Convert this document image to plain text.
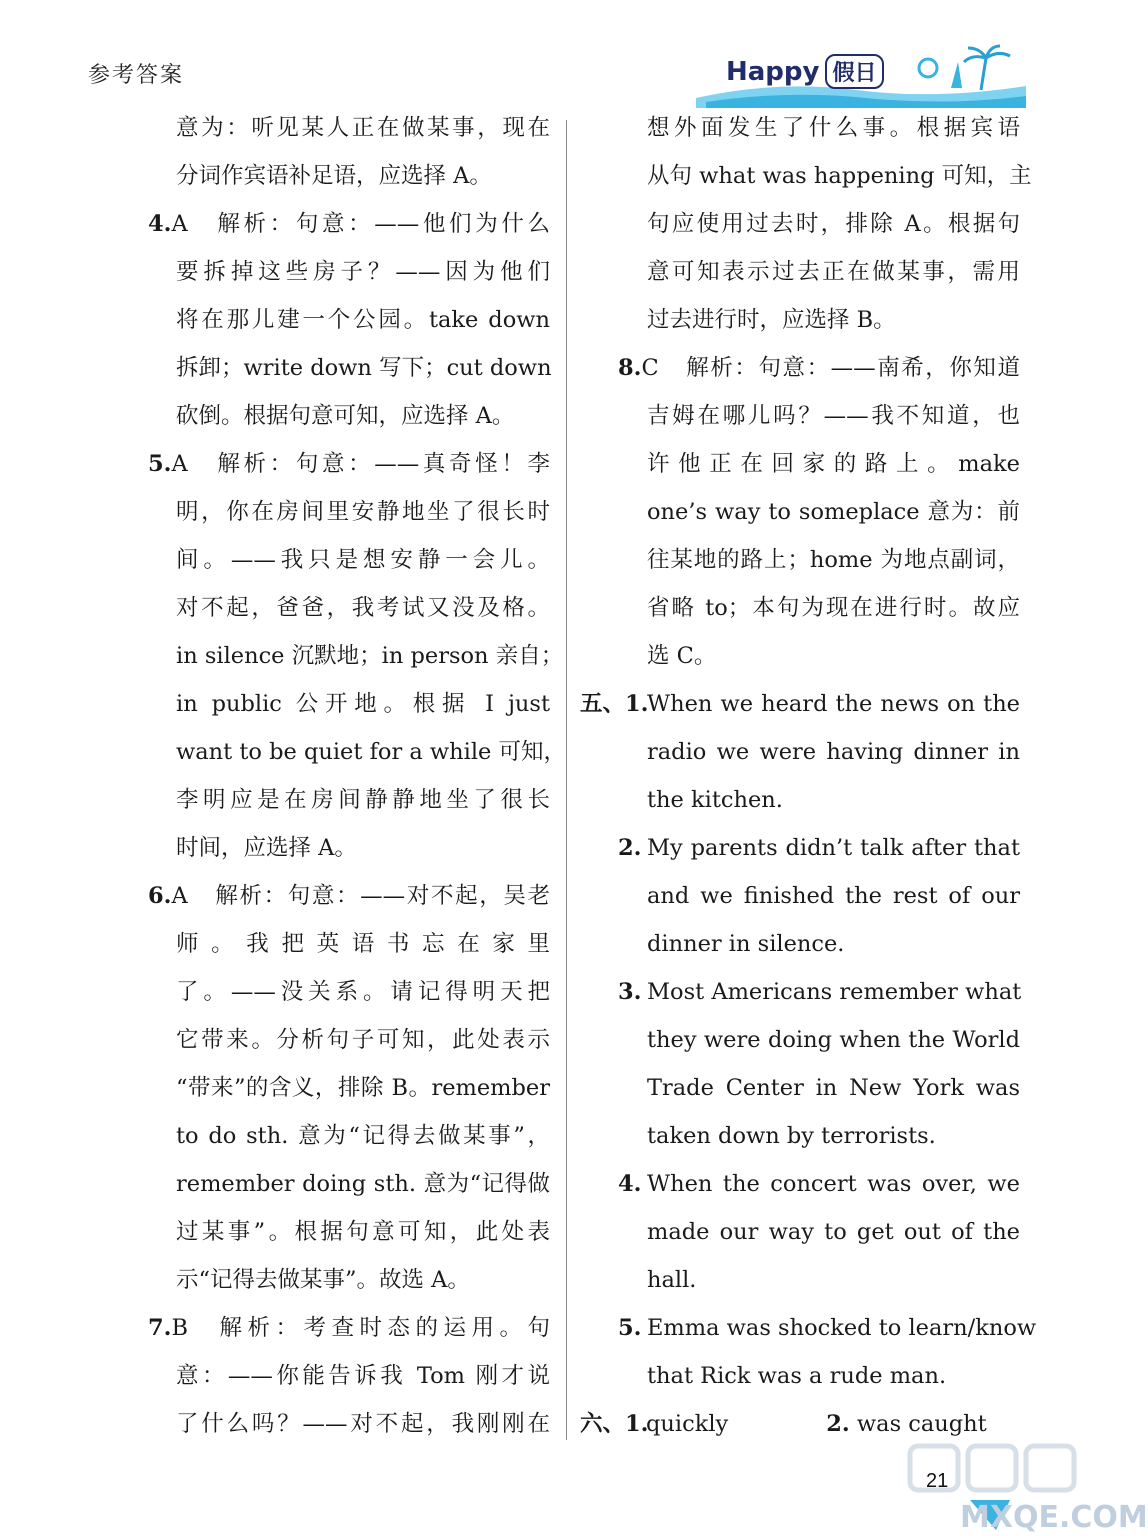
参考答案	Happy 假日
意为：听见某人正在做某事，现在
分词作宾语补足语，应选择 A。
4.A 解析：句意：——他们为什么
要拆掉这些房子？——因为他们
将在那儿建一个公园。take down
拆卸；write down 写下；cut down
砍倒。根据句意可知，应选择 A。
5.A 解析：句意：——真奇怪！李
明，你在房间里安静地坐了很长时
间。——我只是想安静一会儿。
对不起，爸爸，我考试又没及格。
in silence 沉默地；in person 亲自；
in public 公开地。根据 I just
want to be quiet for a while 可知，
李明应是在房间静静地坐了很长
时间，应选择 A。
6.A 解析：句意：——对不起，吴老
师。我把英语书忘在家里
了。——没关系。请记得明天把
它带来。分析句子可知，此处表示
“带来”的含义，排除 B。remember
to do sth. 意为“记得去做某事”，
remember doing sth. 意为“记得做
过某事”。根据句意可知，此处表
示“记得去做某事”。故选 A。
7.B 解析：考查时态的运用。句
意：——你能告诉我 Tom 刚才说
了什么吗？——对不起，我刚刚在
想外面发生了什么事。根据宾语
从句 what was happening 可知，主
句应使用过去时，排除 A。根据句
意可知表示过去正在做某事，需用
过去进行时，应选择 B。
8.C 解析：句意：——南希，你知道
吉姆在哪儿吗？——我不知道，也
许他正在回家的路上。make
one’s way to someplace 意为：前
往某地的路上；home 为地点副词，
省略 to；本句为现在进行时。故应
选 C。
五、1.When we heard the news on the
radio we were having dinner in
the kitchen.
2. My parents didn’t talk after that
and we finished the rest of our
dinner in silence.
3. Most Americans remember what
they were doing when the World
Trade Center in New York was
taken down by terrorists.
4. When the concert was over, we
made our way to get out of the
hall.
5. Emma was shocked to learn/know
that Rick was a rude man.
六、1.quickly	2. was caught
21
MXQE.COM
